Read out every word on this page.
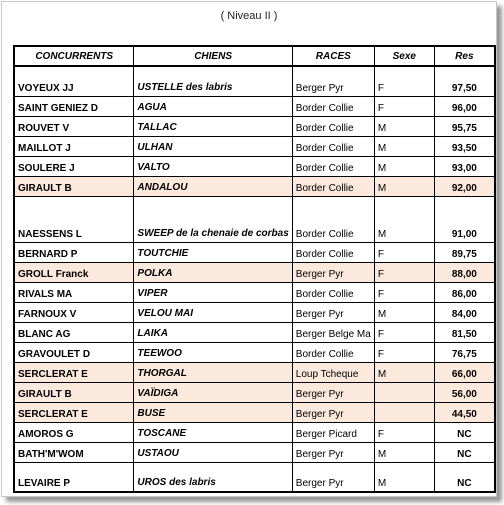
( Niveau II )
CONCURRENTS	CHIENS	RACES	Sexe	Res
VOYEUX JJ	USTELLE des labris	Berger Pyr	F	97,50
SAINT GENIEZ D	AGUA	Border Collie	F	96,00
ROUVET V	TALLAC	Border Collie	M	95,75
MAILLOT J	ULHAN	Border Collie	M	93,50
SOULERE J	VALTO	Border Collie	M	93,00
GIRAULT B	ANDALOU	Border Collie	M	92,00
NAESSENS L	SWEEP de la chenaie de corbas	Border Collie	M	91,00
BERNARD P	TOUTCHIE	Border Collie	F	89,75
GROLL Franck	POLKA	Berger Pyr	F	88,00
RIVALS MA	VIPER	Border Collie	F	86,00
FARNOUX V	VELOU MAI	Berger Pyr	M	84,00
BLANC AG	LAIKA	Berger Belge Ma	F	81,50
GRAVOULET D	TEEWOO	Border Collie	F	76,75
SERCLERAT E	THORGAL	Loup Tcheque	M	66,00
GIRAULT B	VAÏDIGA	Berger Pyr		56,00
SERCLERAT E	BUSE	Berger Pyr		44,50
AMOROS G	TOSCANE	Berger Picard	F	NC
BATH'M'WOM	USTAOU	Berger Pyr	M	NC
LEVAIRE P	UROS des labris	Berger Pyr	M	NC
